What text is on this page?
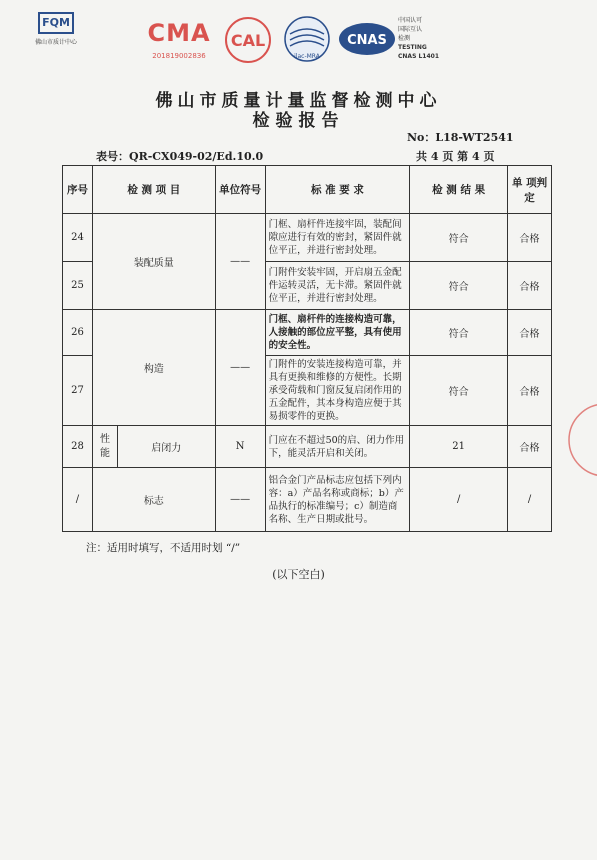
FQM
佛山市质计中心	CMA
2018190028З6
CAL
ilac-MRA
CNAS
中国认可
国际互认
检测
TESTING
CNAS L1401
佛山市质量计量监督检测中心
检验报告
No：L18-WT2541
表号：QR-CX049-02/Ed.10.0	共 4 页 第 4 页
序号	检 测 项 目		单位符号	标 准 要 求	检 测 结 果	单 项判 定
24	装配质量		——	门框、扇杆件连接牢固，装配间隙应进行有效的密封，紧固件就位平正，并进行密封处理。	符合	合格
25				门附件安装牢固，开启扇五金配件运转灵活，无卡滞。紧固件就位平正，并进行密封处理。	符合	合格
26	构造		——	门框、扇杆件的连接构造可靠，人接触的部位应平整，具有使用的安全性。	符合	合格
27				门附件的安装连接构造可靠，并具有更换和维修的方便性。长期承受荷载和门窗反复启闭作用的五金配件，其本身构造应便于其易损零件的更换。	符合	合格
28	性能	启闭力	N	门应在不超过50的启、闭力作用下，能灵活开启和关闭。	21	合格
/	标志		——	铝合金门产品标志应包括下列内容：a）产品名称或商标；b）产品执行的标准编号；c）制造商名称、生产日期或批号。	/	/
注：适用时填写，不适用时划 “/”
(以下空白)
